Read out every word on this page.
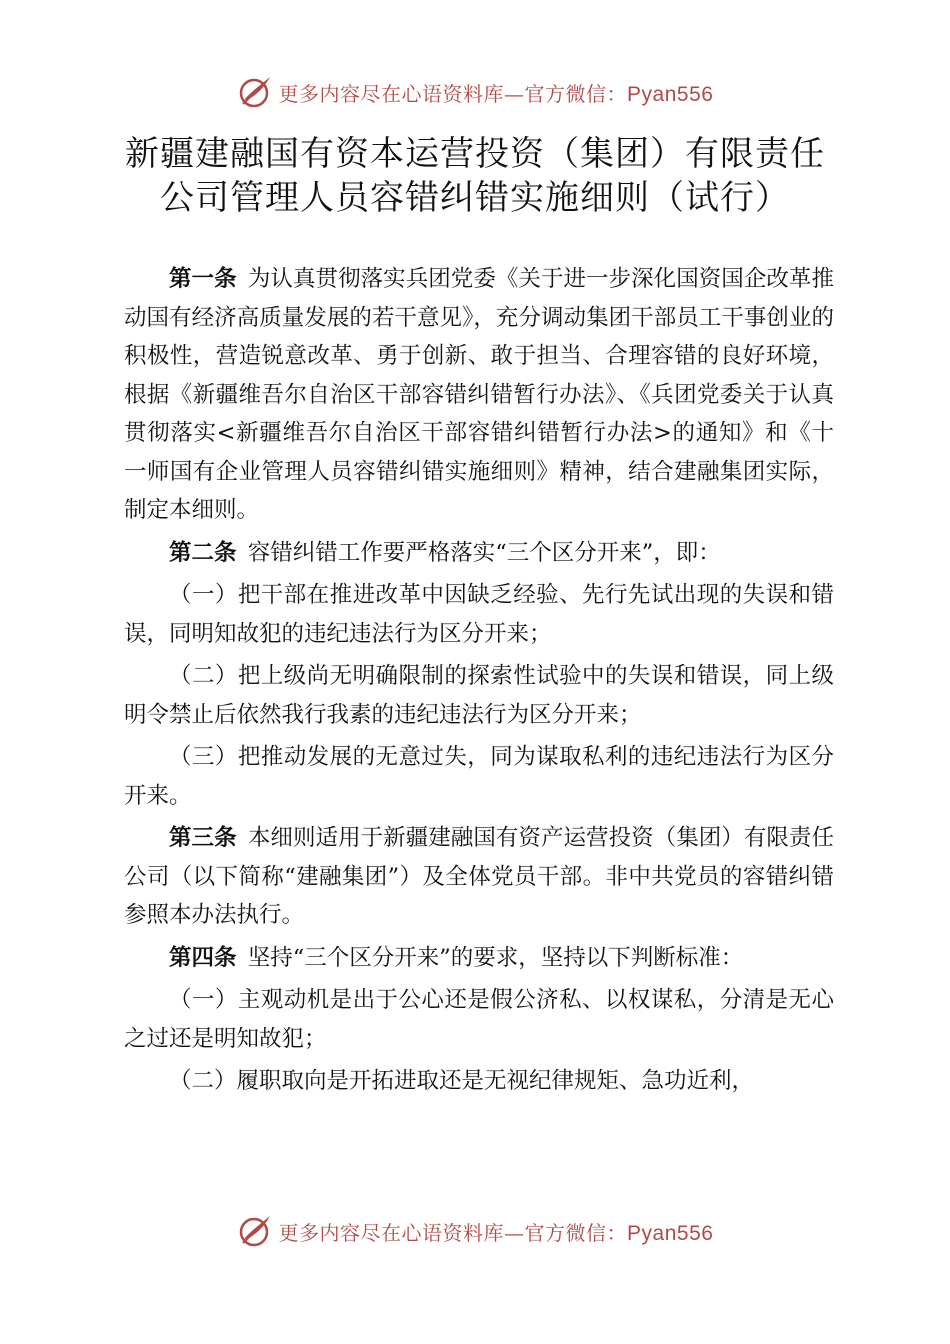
更多内容尽在心语资料库—官方微信：Pyan556
新疆建融国有资本运营投资（集团）有限责任
公司管理人员容错纠错实施细则（试行）

第一条 为认真贯彻落实兵团党委《关于进一步深化国资国企改革推动国有经济高质量发展的若干意见》，充分调动集团干部员工干事创业的积极性，营造锐意改革、勇于创新、敢于担当、合理容错的良好环境，根据《新疆维吾尔自治区干部容错纠错暂行办法》、《兵团党委关于认真贯彻落实<新疆维吾尔自治区干部容错纠错暂行办法>的通知》和《十一师国有企业管理人员容错纠错实施细则》精神，结合建融集团实际，制定本细则。

第二条 容错纠错工作要严格落实“三个区分开来”，即：

（一）把干部在推进改革中因缺乏经验、先行先试出现的失误和错误，同明知故犯的违纪违法行为区分开来；

（二）把上级尚无明确限制的探索性试验中的失误和错误，同上级明令禁止后依然我行我素的违纪违法行为区分开来；

（三）把推动发展的无意过失，同为谋取私利的违纪违法行为区分开来。

第三条 本细则适用于新疆建融国有资产运营投资（集团）有限责任公司（以下简称“建融集团”）及全体党员干部。非中共党员的容错纠错参照本办法执行。

第四条 坚持“三个区分开来”的要求，坚持以下判断标准：

（一）主观动机是出于公心还是假公济私、以权谋私，分清是无心之过还是明知故犯；

（二）履职取向是开拓进取还是无视纪律规矩、急功近利，

更多内容尽在心语资料库—官方微信：Pyan556
